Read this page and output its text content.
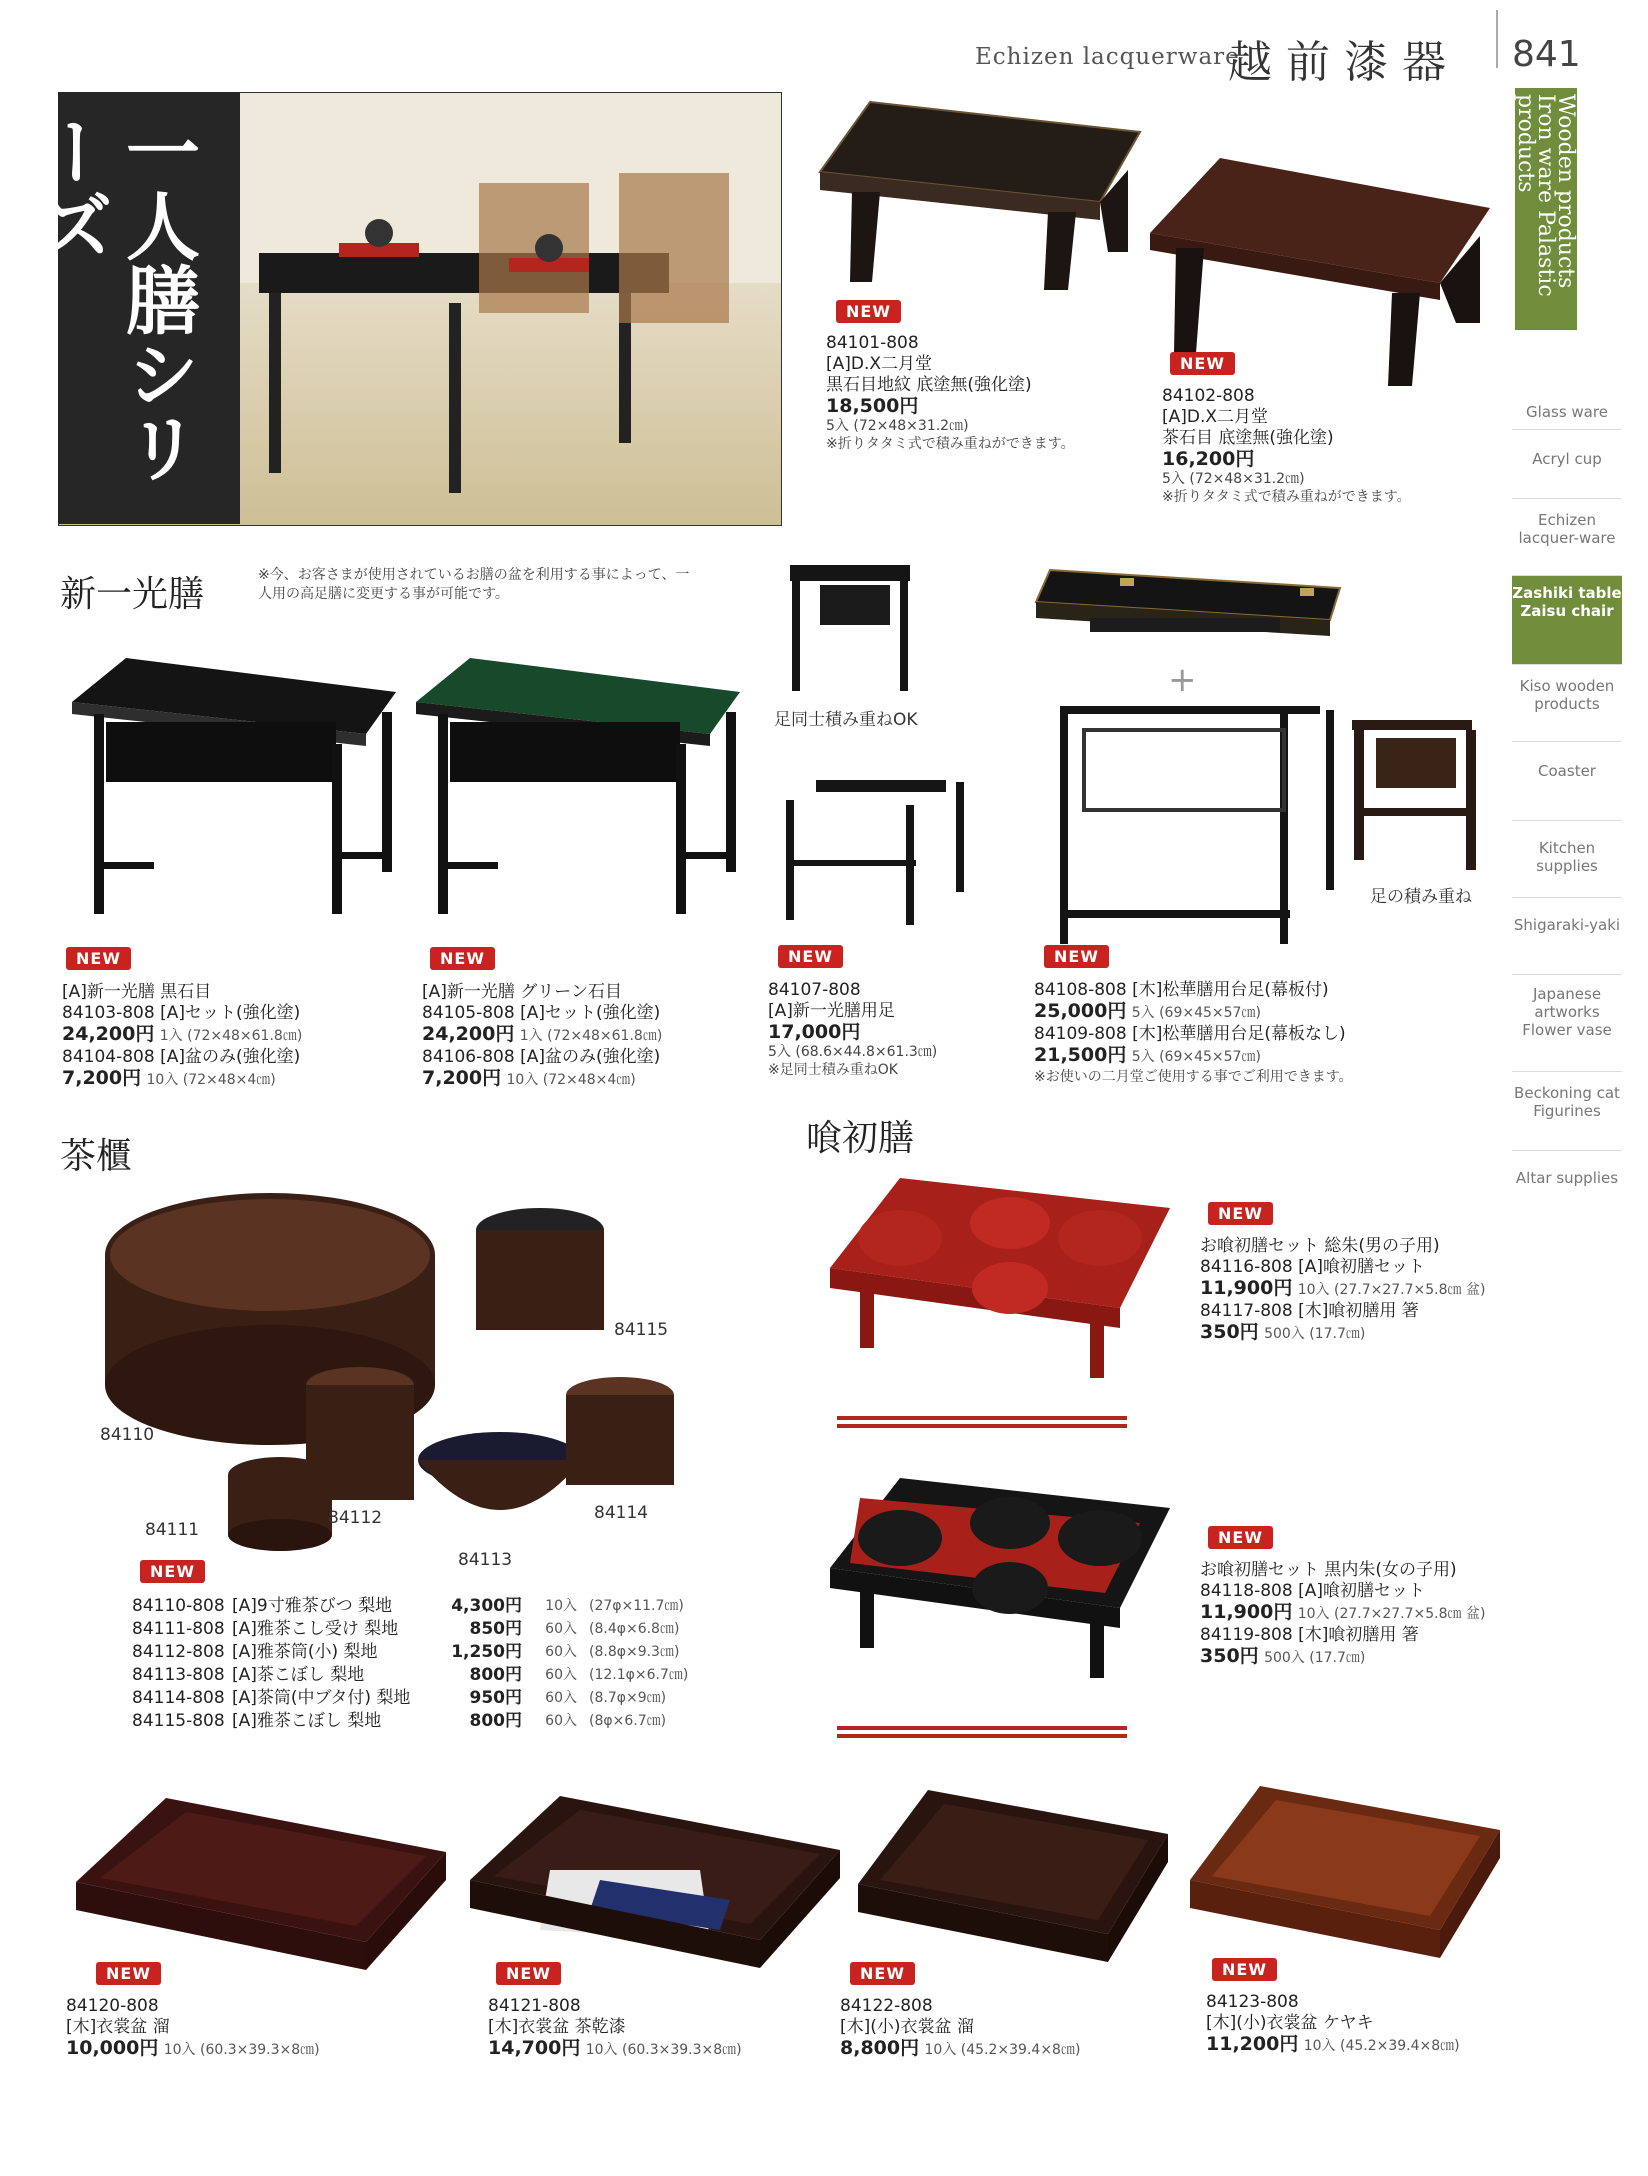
Echizen lacquerware
越前漆器 841
Wooden products Iron ware Palastic products
Glass ware
Acryl cup
Echizen lacquer-ware
Zashiki table Zaisu chair
Kiso wooden products
Coaster
Kitchen supplies
Shigaraki-yaki
Japanese artworks Flower vase
Beckoning cat Figurines
Altar supplies
一人膳シリーズ
NEW
84101-808
[A]D.X二月堂
黒石目地紋 底塗無(強化塗)
18,500円
5入 (72×48×31.2㎝)
※折りタタミ式で積み重ねができます。
NEW
84102-808
[A]D.X二月堂
茶石目 底塗無(強化塗)
16,200円
5入 (72×48×31.2㎝)
※折りタタミ式で積み重ねができます。
新一光膳	※今、お客さまが使用されているお膳の盆を利用する事によって、一人用の高足膳に変更する事が可能です。
足同士積み重ねOK
+
足の積み重ね
NEW
[A]新一光膳 黒石目
84103-808 [A]セット(強化塗)
24,200円 1入 (72×48×61.8㎝)
84104-808 [A]盆のみ(強化塗)
7,200円 10入 (72×48×4㎝)
NEW
[A]新一光膳 グリーン石目
84105-808 [A]セット(強化塗)
24,200円 1入 (72×48×61.8㎝)
84106-808 [A]盆のみ(強化塗)
7,200円 10入 (72×48×4㎝)
NEW
84107-808
[A]新一光膳用足
17,000円
5入 (68.6×44.8×61.3㎝)
※足同士積み重ねOK
NEW
84108-808 [木]松華膳用台足(幕板付)
25,000円 5入 (69×45×57㎝)
84109-808 [木]松華膳用台足(幕板なし)
21,500円 5入 (69×45×57㎝)
※お使いの二月堂ご使用する事でご利用できます。
茶櫃
84115
84110
84111
84112
84113
84114
NEW
84110-808 [A]9寸雅茶びつ 梨地	4,300円	10入 (27φ×11.7㎝)
84111-808 [A]雅茶こし受け 梨地	850円	60入 (8.4φ×6.8㎝)
84112-808 [A]雅茶筒(小) 梨地	1,250円	60入 (8.8φ×9.3㎝)
84113-808 [A]茶こぼし 梨地	800円	60入 (12.1φ×6.7㎝)
84114-808 [A]茶筒(中ブタ付) 梨地	950円	60入 (8.7φ×9㎝)
84115-808 [A]雅茶こぼし 梨地	800円	60入 (8φ×6.7㎝)
喰初膳
NEW
お喰初膳セット 総朱(男の子用)
84116-808 [A]喰初膳セット
11,900円 10入 (27.7×27.7×5.8㎝ 盆)
84117-808 [木]喰初膳用 箸
350円 500入 (17.7㎝)
NEW
お喰初膳セット 黒内朱(女の子用)
84118-808 [A]喰初膳セット
11,900円 10入 (27.7×27.7×5.8㎝ 盆)
84119-808 [木]喰初膳用 箸
350円 500入 (17.7㎝)
NEW
84120-808
[木]衣裳盆 溜
10,000円 10入 (60.3×39.3×8㎝)
NEW
84121-808
[木]衣裳盆 茶乾漆
14,700円 10入 (60.3×39.3×8㎝)
NEW
84122-808
[木](小)衣裳盆 溜
8,800円 10入 (45.2×39.4×8㎝)
NEW
84123-808
[木](小)衣裳盆 ケヤキ
11,200円 10入 (45.2×39.4×8㎝)
